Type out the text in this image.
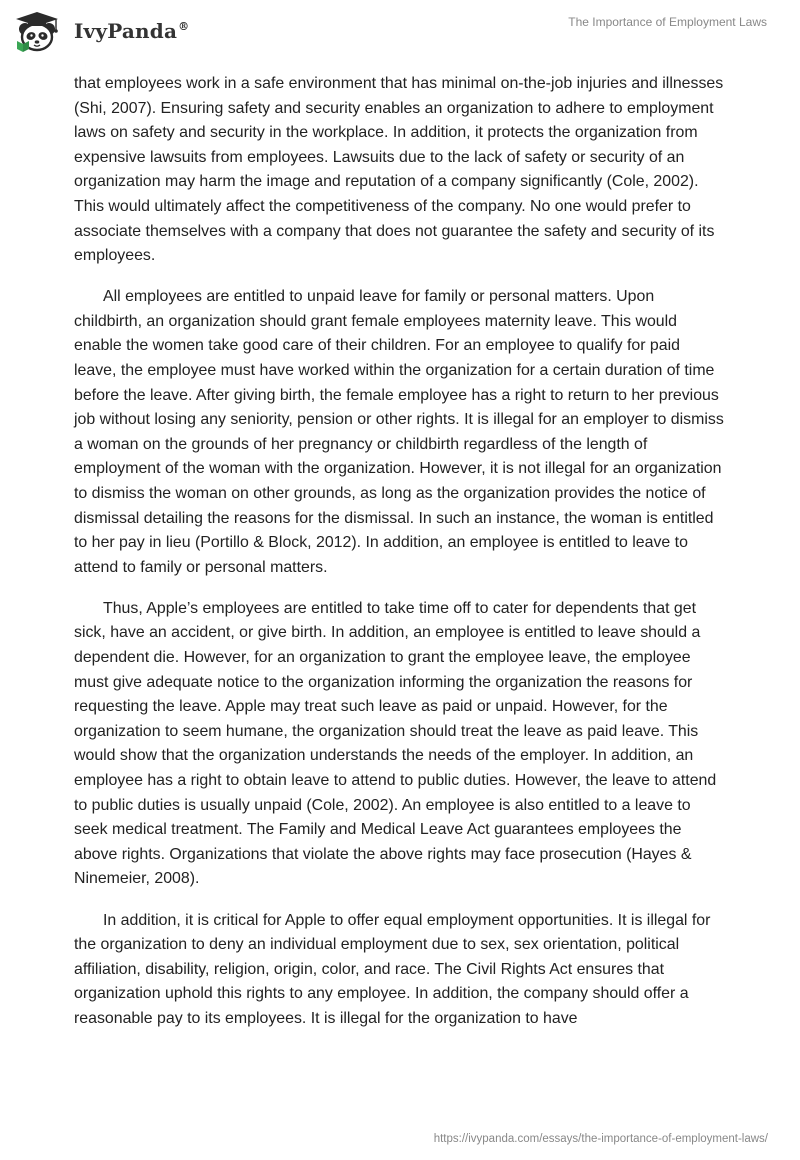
IvyPanda®	The Importance of Employment Laws

that employees work in a safe environment that has minimal on-the-job injuries and illnesses (Shi, 2007). Ensuring safety and security enables an organization to adhere to employment laws on safety and security in the workplace. In addition, it protects the organization from expensive lawsuits from employees. Lawsuits due to the lack of safety or security of an organization may harm the image and reputation of a company significantly (Cole, 2002). This would ultimately affect the competitiveness of the company. No one would prefer to associate themselves with a company that does not guarantee the safety and security of its employees.

All employees are entitled to unpaid leave for family or personal matters. Upon childbirth, an organization should grant female employees maternity leave. This would enable the women take good care of their children. For an employee to qualify for paid leave, the employee must have worked within the organization for a certain duration of time before the leave. After giving birth, the female employee has a right to return to her previous job without losing any seniority, pension or other rights. It is illegal for an employer to dismiss a woman on the grounds of her pregnancy or childbirth regardless of the length of employment of the woman with the organization. However, it is not illegal for an organization to dismiss the woman on other grounds, as long as the organization provides the notice of dismissal detailing the reasons for the dismissal. In such an instance, the woman is entitled to her pay in lieu (Portillo & Block, 2012). In addition, an employee is entitled to leave to attend to family or personal matters.

Thus, Apple’s employees are entitled to take time off to cater for dependents that get sick, have an accident, or give birth. In addition, an employee is entitled to leave should a dependent die. However, for an organization to grant the employee leave, the employee must give adequate notice to the organization informing the organization the reasons for requesting the leave. Apple may treat such leave as paid or unpaid. However, for the organization to seem humane, the organization should treat the leave as paid leave. This would show that the organization understands the needs of the employer. In addition, an employee has a right to obtain leave to attend to public duties. However, the leave to attend to public duties is usually unpaid (Cole, 2002). An employee is also entitled to a leave to seek medical treatment. The Family and Medical Leave Act guarantees employees the above rights. Organizations that violate the above rights may face prosecution (Hayes & Ninemeier, 2008).

In addition, it is critical for Apple to offer equal employment opportunities. It is illegal for the organization to deny an individual employment due to sex, sex orientation, political affiliation, disability, religion, origin, color, and race. The Civil Rights Act ensures that organization uphold this rights to any employee. In addition, the company should offer a reasonable pay to its employees. It is illegal for the organization to have

https://ivypanda.com/essays/the-importance-of-employment-laws/
